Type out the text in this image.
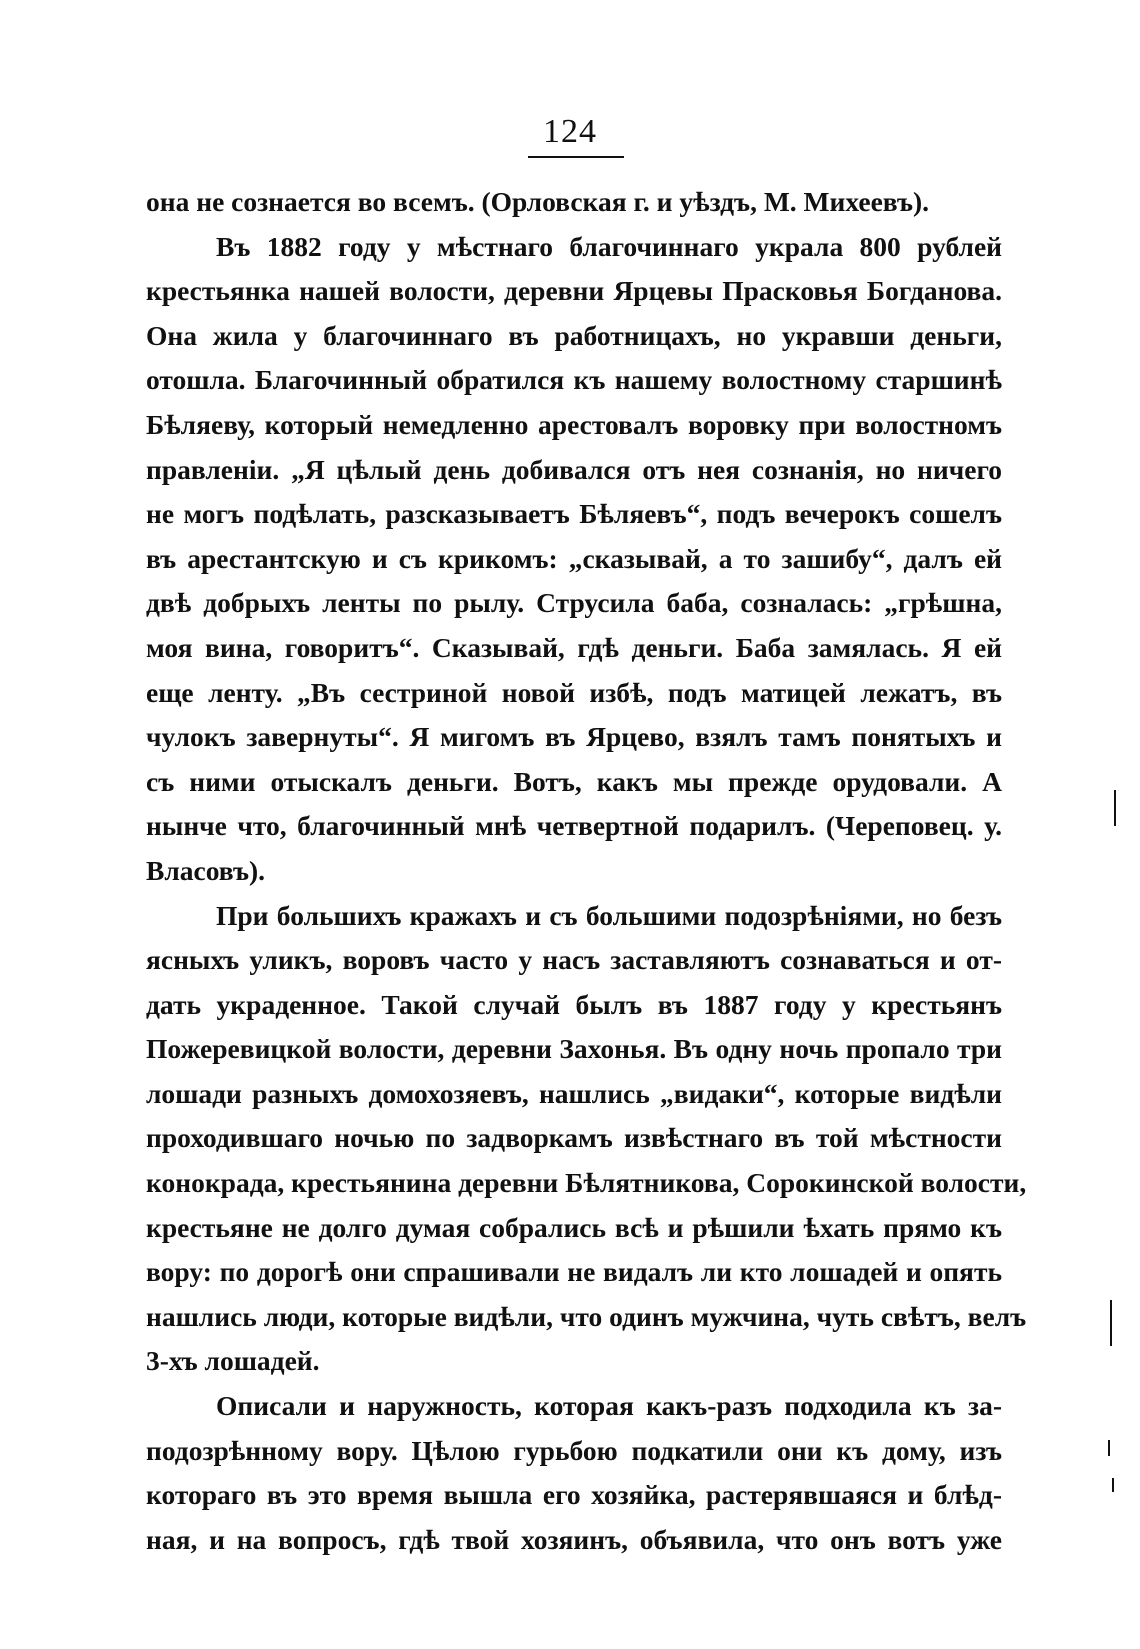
124
она не сознается во всемъ. (Орловская г. и уѣздъ, М. Михеевъ).
Въ 1882 году у мѣстнаго благочиннаго украла 800 рублей
крестьянка нашей волости, деревни Ярцевы Прасковья Богданова.
Она жила у благочиннаго въ работницахъ, но укравши деньги,
отошла. Благочинный обратился къ нашему волостному старшинѣ
Бѣляеву, который немедленно арестовалъ воровку при волостномъ
правленіи. „Я цѣлый день добивался отъ нея сознанія, но ничего
не могъ подѣлать, разсказываетъ Бѣляевъ“, подъ вечерокъ сошелъ
въ арестантскую и съ крикомъ: „сказывай, а то зашибу“, далъ ей
двѣ добрыхъ ленты по рылу. Струсила баба, созналась: „грѣшна,
моя вина, говоритъ“. Сказывай, гдѣ деньги. Баба замялась. Я ей
еще ленту. „Въ сестриной новой избѣ, подъ матицей лежатъ, въ
чулокъ завернуты“. Я мигомъ въ Ярцево, взялъ тамъ понятыхъ и
съ ними отыскалъ деньги. Вотъ, какъ мы прежде орудовали. А
нынче что, благочинный мнѣ четвертной подарилъ. (Череповец. у.
Власовъ).
При большихъ кражахъ и съ большими подозрѣніями, но безъ
ясныхъ уликъ, воровъ часто у насъ заставляютъ сознаваться и от-
дать украденное. Такой случай былъ въ 1887 году у крестьянъ
Пожеревицкой волости, деревни Захонья. Въ одну ночь пропало три
лошади разныхъ домохозяевъ, нашлись „видаки“, которые видѣли
проходившаго ночью по задворкамъ извѣстнаго въ той мѣстности
конокрада, крестьянина деревни Бѣлятникова, Сорокинской волости,
крестьяне не долго думая собрались всѣ и рѣшили ѣхать прямо къ
вору: по дорогѣ они спрашивали не видалъ ли кто лошадей и опять
нашлись люди, которые видѣли, что одинъ мужчина, чуть свѣтъ, велъ
3-хъ лошадей.
Описали и наружность, которая какъ-разъ подходила къ за-
подозрѣнному вору. Цѣлою гурьбою подкатили они къ дому, изъ
котораго въ это время вышла его хозяйка, растерявшаяся и блѣд-
ная, и на вопросъ, гдѣ твой хозяинъ, объявила, что онъ вотъ уже
